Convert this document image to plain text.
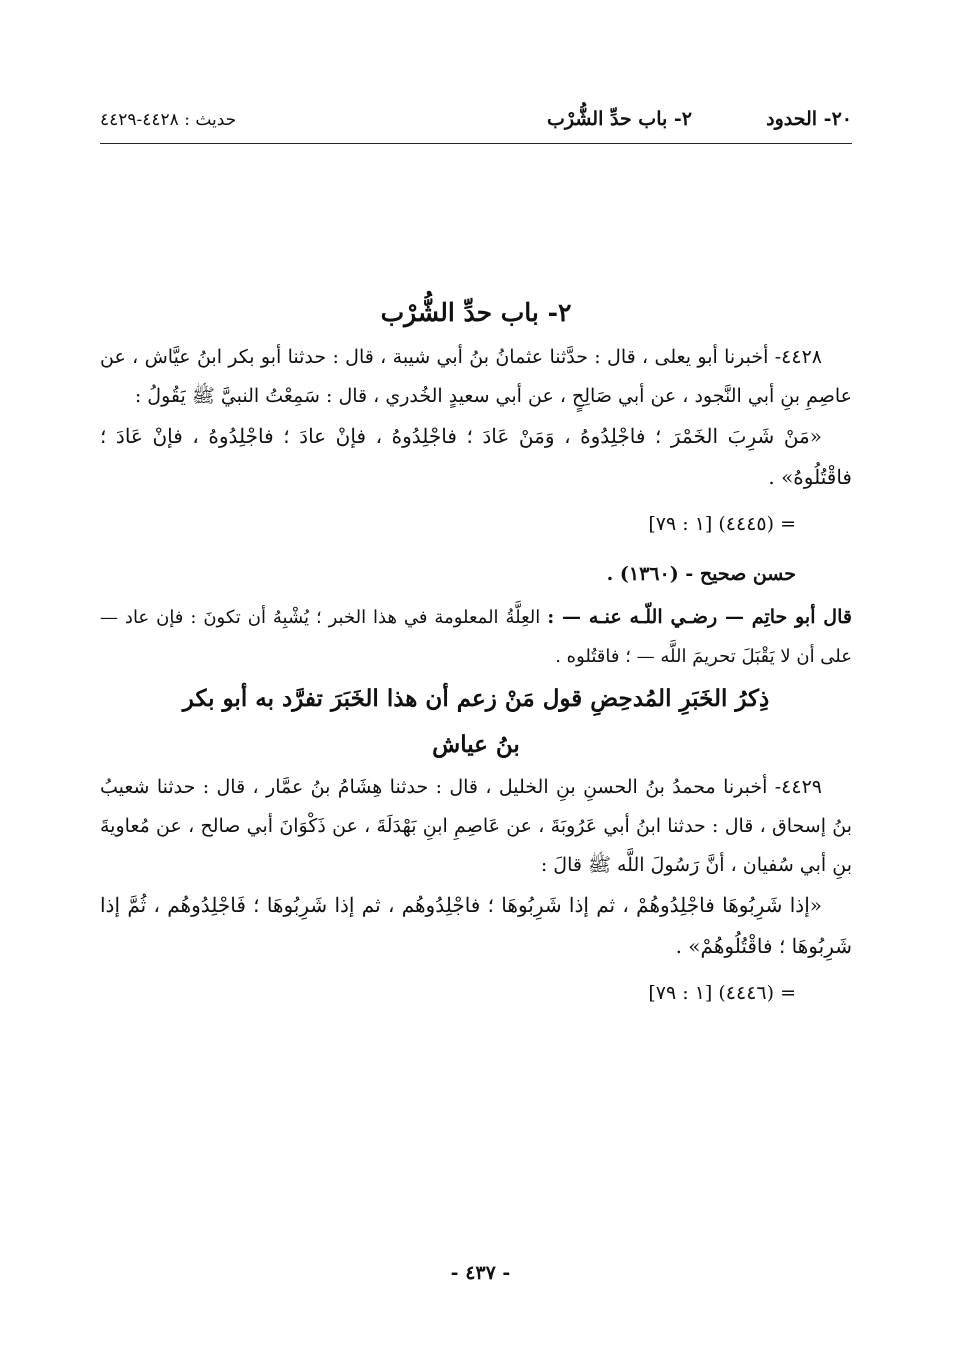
٢٠- الحدود
٢- باب حدِّ الشُّرْب
حديث : ٤٤٢٨-٤٤٢٩
٢- باب حدِّ الشُّرْب

٤٤٢٨- أخبرنا أبو يعلى ، قال : حدَّثنا عثمانُ بنُ أبي شيبة ، قال : حدثنا أبو بكر ابنُ عيَّاش ، عن عاصِمِ بنِ أبي النَّجود ، عن أبي صَالِحٍ ، عن أبي سعيدٍ الخُدري ، قال : سَمِعْتُ النبيَّ ﷺ يَقُولُ :

«مَنْ شَرِبَ الخَمْرَ ؛ فاجْلِدُوهُ ، وَمَنْ عَادَ ؛ فاجْلِدُوهُ ، فإنْ عادَ ؛ فاجْلِدُوهُ ، فإنْ عَادَ ؛ فاقْتُلُوهُ» .

= (٤٤٤٥) [١ : ٧٩]
حسن صحيح - (١٣٦٠) .

قال أبو حاتِم — رضـي اللّـه عنـه — : العِلَّةُ المعلومة في هذا الخبر ؛ يُشْبِهُ أن تكونَ : فإن عاد — على أن لا يَقْبَلَ تحريمَ اللَّه — ؛ فاقتُلوه .

ذِكرُ الخَبَرِ المُدحِضِ قول مَنْ زعم أن هذا الخَبَرَ تفرَّد به أبو بكر بنُ عياش

٤٤٢٩- أخبرنا محمدُ بنُ الحسنِ بنِ الخليل ، قال : حدثنا هِشَامُ بنُ عمَّار ، قال : حدثنا شعيبُ بنُ إسحاق ، قال : حدثنا ابنُ أبي عَرُوبَةَ ، عن عَاصِمِ ابنِ بَهْدَلَةَ ، عن ذَكْوَانَ أبي صالح ، عن مُعاويةَ بنِ أبي سُفيان ، أنَّ رَسُولَ اللَّه ﷺ قالَ :

«إذا شَرِبُوهَا فاجْلِدُوهُمْ ، ثم إذا شَرِبُوهَا ؛ فاجْلِدُوهُم ، ثم إذا شَرِبُوهَا ؛ فَاجْلِدُوهُم ، ثُمَّ إذا شَرِبُوهَا ؛ فاقْتُلُوهُمْ» .

= (٤٤٤٦) [١ : ٧٩]
- ٤٣٧ -
